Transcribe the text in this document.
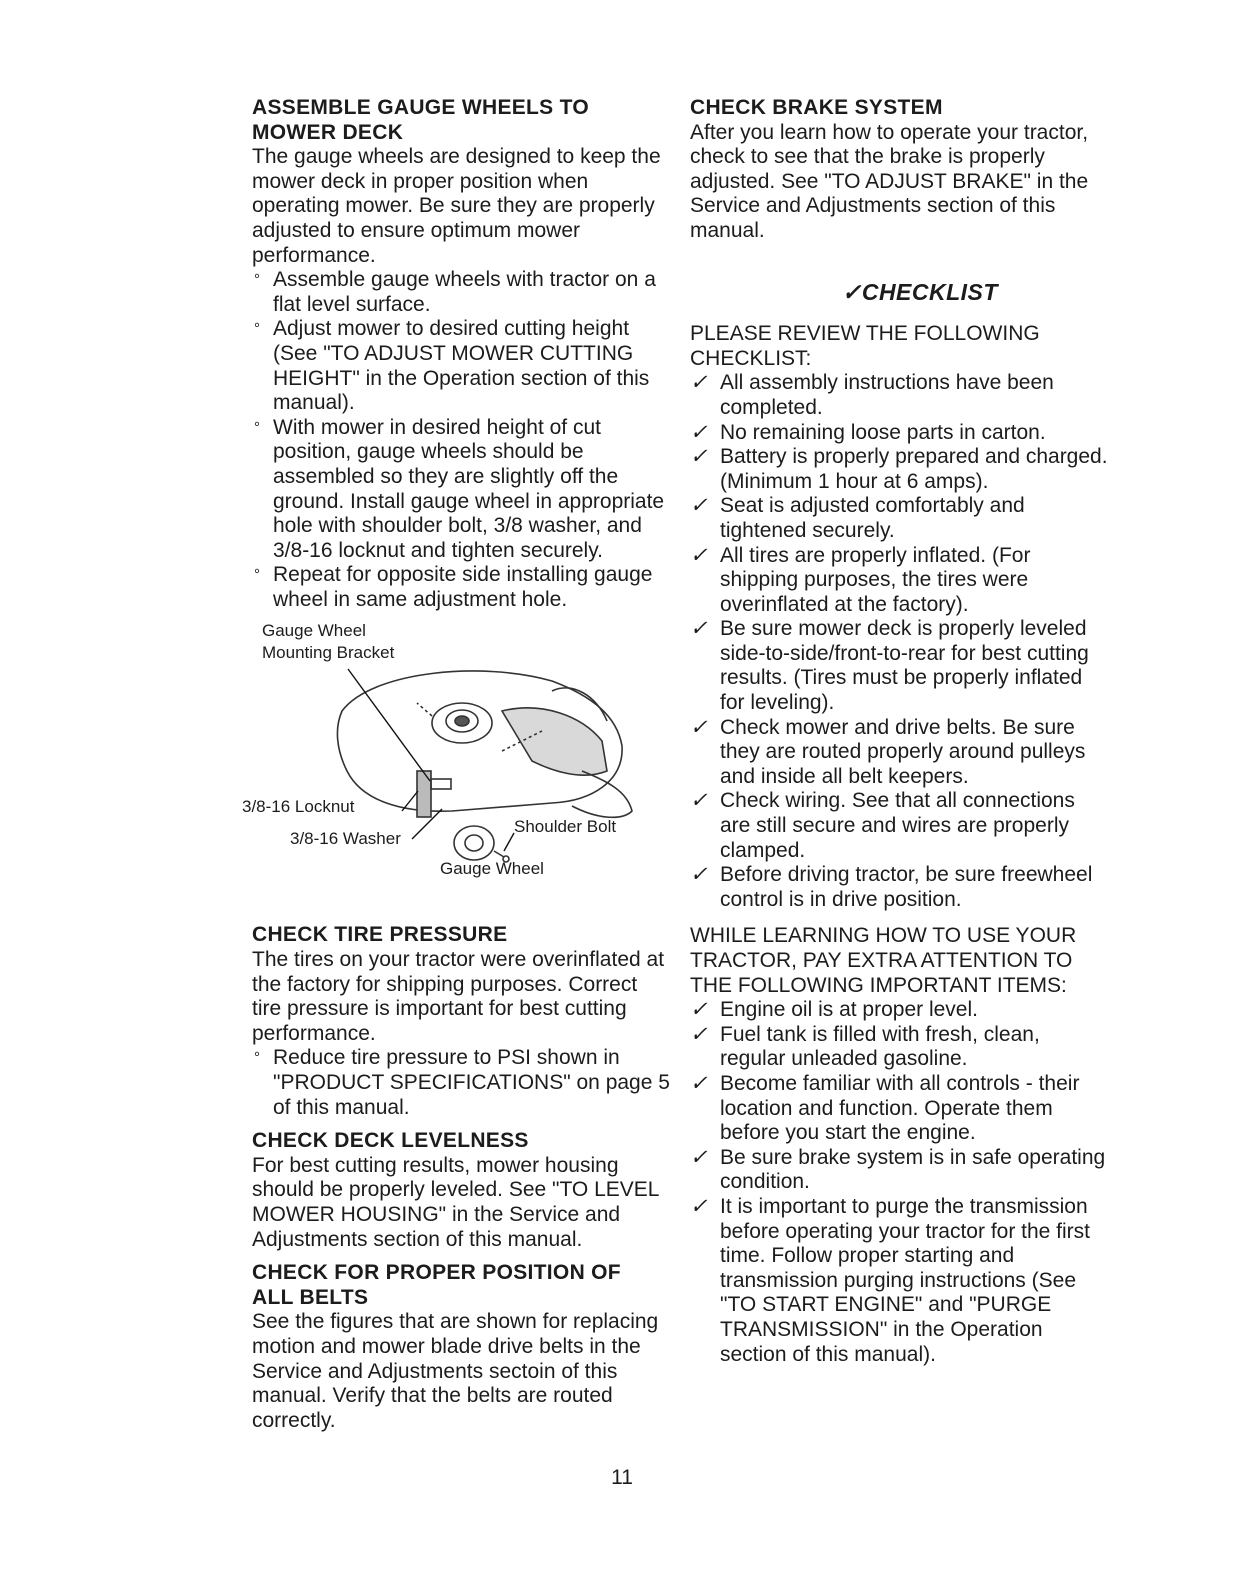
ASSEMBLE GAUGE WHEELS TO

MOWER DECK

The gauge wheels are designed to keep the mower deck in proper position when operating mower. Be sure they are properly adjusted to ensure optimum mower performance.

° Assemble gauge wheels with tractor on a flat level surface.
° Adjust mower to desired cutting height (See "TO ADJUST MOWER CUTTING HEIGHT" in the Operation section of this manual).
° With mower in desired height of cut position, gauge wheels should be assembled so they are slightly off the ground. Install gauge wheel in appropriate hole with shoulder bolt, 3/8 washer, and 3/8-16 locknut and tighten securely.
° Repeat for opposite side installing gauge wheel in same adjustment hole.
Gauge Wheel
Mounting Bracket
3/8-16 Locknut
3/8-16 Washer
Shoulder Bolt
Gauge Wheel

CHECK TIRE PRESSURE

The tires on your tractor were overinflated at the factory for shipping purposes. Correct tire pressure is important for best cutting performance.

° Reduce tire pressure to PSI shown in "PRODUCT SPECIFICATIONS" on page 5 of this manual.

CHECK DECK LEVELNESS

For best cutting results, mower housing should be properly leveled. See "TO LEVEL MOWER HOUSING" in the Service and Adjustments section of this manual.

CHECK FOR PROPER POSITION OF

ALL BELTS

See the figures that are shown for replacing motion and mower blade drive belts in the Service and Adjustments sectoin of this manual. Verify that the belts are routed correctly.

CHECK BRAKE SYSTEM

After you learn how to operate your tractor, check to see that the brake is properly adjusted. See "TO ADJUST BRAKE" in the Service and Adjustments section of this manual.

✓CHECKLIST

PLEASE REVIEW THE FOLLOWING CHECKLIST:

✓ All assembly instructions have been completed.
✓ No remaining loose parts in carton.
✓ Battery is properly prepared and charged. (Minimum 1 hour at 6 amps).
✓ Seat is adjusted comfortably and tightened securely.
✓ All tires are properly inflated. (For shipping purposes, the tires were overinflated at the factory).
✓ Be sure mower deck is properly leveled side-to-side/front-to-rear for best cutting results. (Tires must be properly inflated for leveling).
✓ Check mower and drive belts. Be sure they are routed properly around pulleys and inside all belt keepers.
✓ Check wiring. See that all connections are still secure and wires are properly clamped.
✓ Before driving tractor, be sure freewheel control is in drive position.

WHILE LEARNING HOW TO USE YOUR TRACTOR, PAY EXTRA ATTENTION TO THE FOLLOWING IMPORTANT ITEMS:

✓ Engine oil is at proper level.
✓ Fuel tank is filled with fresh, clean, regular unleaded gasoline.
✓ Become familiar with all controls - their location and function. Operate them before you start the engine.
✓ Be sure brake system is in safe operating condition.
✓ It is important to purge the transmission before operating your tractor for the first time. Follow proper starting and transmission purging instructions (See "TO START ENGINE" and "PURGE TRANSMISSION" in the Operation section of this manual).
11
